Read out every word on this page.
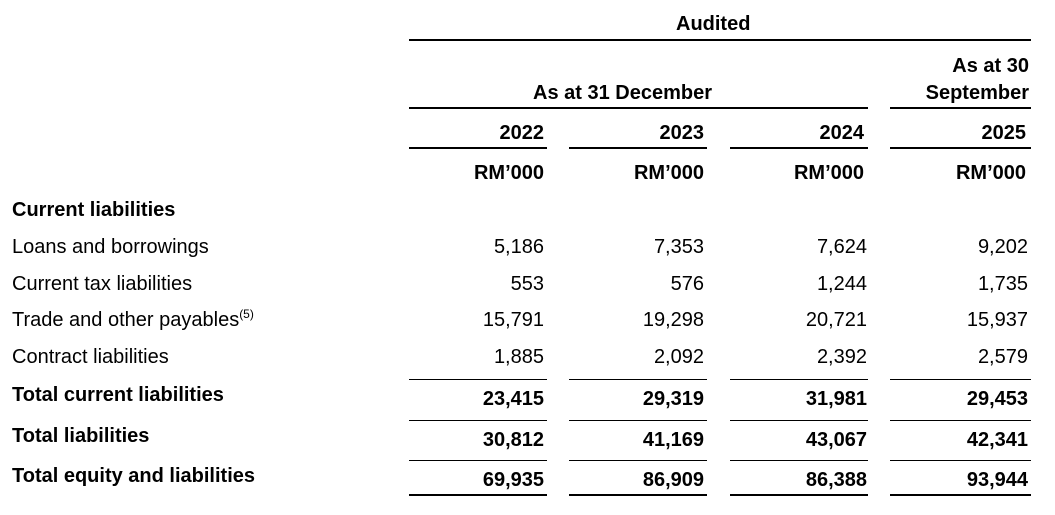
Audited
As at 31 December
As at 30
September
2022	2023	2024	2025
RM’000	RM’000	RM’000	RM’000
Current liabilities
Loans and borrowings	5,186	7,353	7,624	9,202
Current tax liabilities	553	576	1,244	1,735
Trade and other payables$^{(5)}$	15,791	19,298	20,721	15,937
Contract liabilities	1,885	2,092	2,392	2,579
Total current liabilities	23,415	29,319	31,981	29,453
Total liabilities	30,812	41,169	43,067	42,341
Total equity and liabilities	69,935	86,909	86,388	93,944
